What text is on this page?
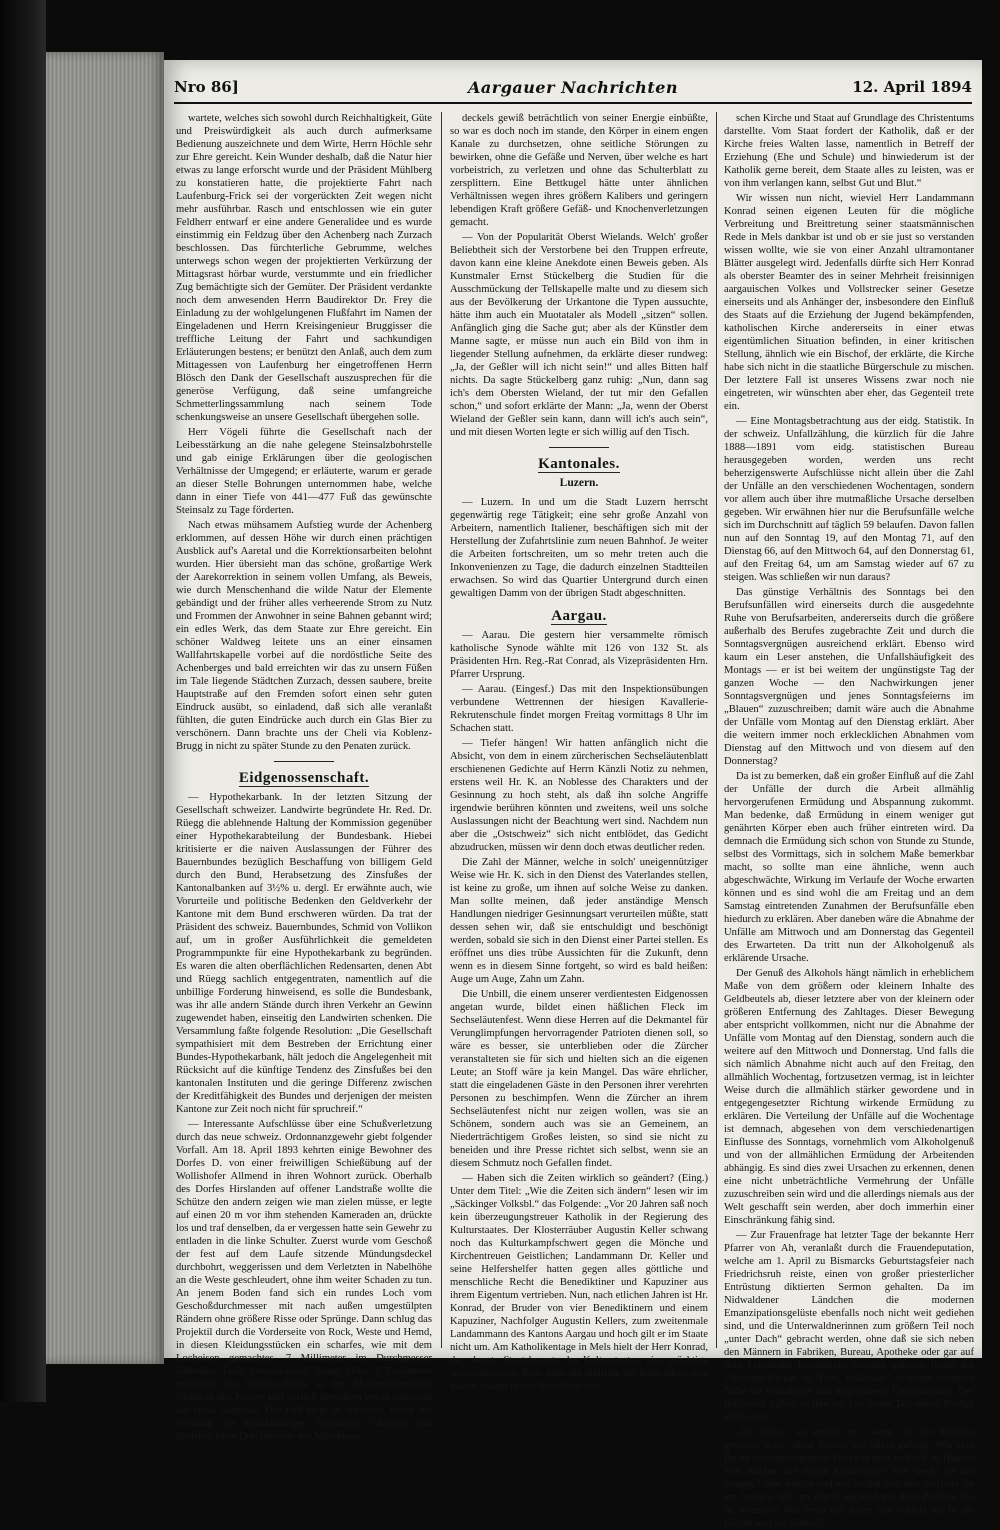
Nro 86]	Aargauer Nachrichten	12. April 1894

wartete, welches sich sowohl durch Reichhaltigkeit, Güte und Preiswürdigkeit als auch durch aufmerksame Bedienung auszeichnete und dem Wirte, Herrn Höchle sehr zur Ehre gereicht. Kein Wunder deshalb, daß die Natur hier etwas zu lange erforscht wurde und der Präsident Mühlberg zu konstatieren hatte, die projektierte Fahrt nach Laufenburg-Frick sei der vorgerückten Zeit wegen nicht mehr ausführbar. Rasch und entschlossen wie ein guter Feldherr entwarf er eine andere Generalidee und es wurde einstimmig ein Feldzug über den Achenberg nach Zurzach beschlossen. Das fürchterliche Gebrumme, welches unterwegs schon wegen der projektierten Verkürzung der Mittagsrast hörbar wurde, verstummte und ein friedlicher Zug bemächtigte sich der Gemüter. Der Präsident verdankte noch dem anwesenden Herrn Baudirektor Dr. Frey die Einladung zu der wohlgelungenen Flußfahrt im Namen der Eingeladenen und Herrn Kreisingenieur Bruggisser die treffliche Leitung der Fahrt und sachkundigen Erläuterungen bestens; er benützt den Anlaß, auch dem zum Mittagessen von Laufenburg her eingetroffenen Herrn Blösch den Dank der Gesellschaft auszusprechen für die generöse Verfügung, daß seine umfangreiche Schmetterlingssammlung nach seinem Tode schenkungsweise an unsere Gesellschaft übergehen solle.

Herr Vögeli führte die Gesellschaft nach der Leibesstärkung an die nahe gelegene Steinsalzbohrstelle und gab einige Erklärungen über die geologischen Verhältnisse der Umgegend; er erläuterte, warum er gerade an dieser Stelle Bohrungen unternommen habe, welche dann in einer Tiefe von 441—477 Fuß das gewünschte Steinsalz zu Tage förderten.

Nach etwas mühsamem Aufstieg wurde der Achenberg erklommen, auf dessen Höhe wir durch einen prächtigen Ausblick auf's Aaretal und die Korrektionsarbeiten belohnt wurden. Hier übersieht man das schöne, großartige Werk der Aarekorrektion in seinem vollen Umfang, als Beweis, wie durch Menschenhand die wilde Natur der Elemente gebändigt und der früher alles verheerende Strom zu Nutz und Frommen der Anwohner in seine Bahnen gebannt wird; ein edles Werk, das dem Staate zur Ehre gereicht. Ein schöner Waldweg leitete uns an einer einsamen Wallfahrtskapelle vorbei auf die nordöstliche Seite des Achenberges und bald erreichten wir das zu unsern Füßen im Tale liegende Städtchen Zurzach, dessen saubere, breite Hauptstraße auf den Fremden sofort einen sehr guten Eindruck ausübt, so einladend, daß sich alle veranlaßt fühlten, die guten Eindrücke auch durch ein Glas Bier zu verschönern. Dann brachte uns der Cheli via Koblenz-Brugg in nicht zu später Stunde zu den Penaten zurück.

Eidgenossenschaft.

— Hypothekarbank. In der letzten Sitzung der Gesellschaft schweizer. Landwirte begründete Hr. Red. Dr. Rüegg die ablehnende Haltung der Kommission gegenüber einer Hypothekarabteilung der Bundesbank. Hiebei kritisierte er die naiven Auslassungen der Führer des Bauernbundes bezüglich Beschaffung von billigem Geld durch den Bund, Herabsetzung des Zinsfußes der Kantonalbanken auf 3½% u. dergl. Er erwähnte auch, wie Vorurteile und politische Bedenken den Geldverkehr der Kantone mit dem Bund erschweren würden. Da trat der Präsident des schweiz. Bauernbundes, Schmid von Vollikon auf, um in großer Ausführlichkeit die gemeldeten Programmpunkte für eine Hypothekarbank zu begründen. Es waren die alten oberflächlichen Redensarten, denen Abt und Rüegg sachlich entgegentraten, namentlich auf die unbillige Forderung hinweisend, es solle die Bundesbank, was ihr alle andern Stände durch ihren Verkehr an Gewinn zugewendet haben, einseitig den Landwirten schenken. Die Versammlung faßte folgende Resolution: „Die Gesellschaft sympathisiert mit dem Bestreben der Errichtung einer Bundes-Hypothekarbank, hält jedoch die Angelegenheit mit Rücksicht auf die künftige Tendenz des Zinsfußes bei den kantonalen Instituten und die geringe Differenz zwischen der Kreditfähigkeit des Bundes und derjenigen der meisten Kantone zur Zeit noch nicht für spruchreif.“

— Interessante Aufschlüsse über eine Schußverletzung durch das neue schweiz. Ordonnanzgewehr giebt folgender Vorfall. Am 18. April 1893 kehrten einige Bewohner des Dorfes D. von einer freiwilligen Schießübung auf der Wollishofer Allmend in ihren Wohnort zurück. Oberhalb des Dorfes Hirslanden auf offener Landstraße wollte die Schütze den andern zeigen wie man zielen müsse, er legte auf einen 20 m vor ihm stehenden Kameraden an, drückte los und traf denselben, da er vergessen hatte sein Gewehr zu entladen in die linke Schulter. Zuerst wurde vom Geschoß der fest auf dem Laufe sitzende Mündungsdeckel durchbohrt, weggerissen und dem Verletzten in Nabelhöhe an die Weste geschleudert, ohne ihm weiter Schaden zu tun. An jenem Boden fand sich ein rundes Loch vom Geschoßdurchmesser mit nach außen umgestülpten Rändern ohne größere Risse oder Sprünge. Dann schlug das Projektil durch die Vorderseite von Rock, Weste und Hemd, in diesen Kleidungsstücken ein scharfes, wie mit dem Locheisen gemachtes, 7 Millimeter im Durchmesser haltendes Loch verursachend, drang zirka 3 Zentimeter unterhalb des Schlüsselbeins in der Mohrenheimschen Grube in den Körper und verließ denselben etwas unterhalb der spina scapulae. Der Fall zeigt in typischer Weise die Wirkung der kleinkalibrigen Geschosse. Obschon das Projektil beim Durchbohren des Mündungs-

deckels gewiß beträchtlich von seiner Energie einbüßte, so war es doch noch im stande, den Körper in einem engen Kanale zu durchsetzen, ohne seitliche Störungen zu bewirken, ohne die Gefäße und Nerven, über welche es hart vorbeistrich, zu verletzen und ohne das Schulterblatt zu zersplittern. Eine Bettkugel hätte unter ähnlichen Verhältnissen wegen ihres größern Kalibers und geringern lebendigen Kraft größere Gefäß- und Knochenverletzungen gemacht.

— Von der Popularität Oberst Wielands. Welch' großer Beliebtheit sich der Verstorbene bei den Truppen erfreute, davon kann eine kleine Anekdote einen Beweis geben. Als Kunstmaler Ernst Stückelberg die Studien für die Ausschmückung der Tellskapelle malte und zu diesem sich aus der Bevölkerung der Urkantone die Typen aussuchte, hätte ihm auch ein Muotataler als Modell „sitzen“ sollen. Anfänglich ging die Sache gut; aber als der Künstler dem Manne sagte, er müsse nun auch ein Bild von ihm in liegender Stellung aufnehmen, da erklärte dieser rundweg: „Ja, der Geßler will ich nicht sein!“ und alles Bitten half nichts. Da sagte Stückelberg ganz ruhig: „Nun, dann sag ich's dem Obersten Wieland, der tut mir den Gefallen schon,“ und sofort erklärte der Mann: „Ja, wenn der Oberst Wieland der Geßler sein kann, dann will ich's auch sein“, und mit diesen Worten legte er sich willig auf den Tisch.

Kantonales.
Luzern.

— Luzern. In und um die Stadt Luzern herrscht gegenwärtig rege Tätigkeit; eine sehr große Anzahl von Arbeitern, namentlich Italiener, beschäftigen sich mit der Herstellung der Zufahrtslinie zum neuen Bahnhof. Je weiter die Arbeiten fortschreiten, um so mehr treten auch die Inkonvenienzen zu Tage, die dadurch einzelnen Stadtteilen erwachsen. So wird das Quartier Untergrund durch einen gewaltigen Damm von der übrigen Stadt abgeschnitten.

Aargau.

— Aarau. Die gestern hier versammelte römisch katholische Synode wählte mit 126 von 132 St. als Präsidenten Hrn. Reg.-Rat Conrad, als Vizepräsidenten Hrn. Pfarrer Ursprung.

— Aarau. (Eingesf.) Das mit den Inspektionsübungen verbundene Wettrennen der hiesigen Kavallerie-Rekrutenschule findet morgen Freitag vormittags 8 Uhr im Schachen statt.

— Tiefer hängen! Wir hatten anfänglich nicht die Absicht, von dem in einem zürcherischen Sechseläutenblatt erschienenen Gedichte auf Herrn Känzli Notiz zu nehmen, erstens weil Hr. K. an Noblesse des Charakters und der Gesinnung zu hoch steht, als daß ihn solche Angriffe irgendwie berühren könnten und zweitens, weil uns solche Auslassungen nicht der Beachtung wert sind. Nachdem nun aber die „Ostschweiz“ sich nicht entblödet, das Gedicht abzudrucken, müssen wir denn doch etwas deutlicher reden.

Die Zahl der Männer, welche in solch' uneigennütziger Weise wie Hr. K. sich in den Dienst des Vaterlandes stellen, ist keine zu große, um ihnen auf solche Weise zu danken. Man sollte meinen, daß jeder anständige Mensch Handlungen niedriger Gesinnungsart verurteilen müßte, statt dessen sehen wir, daß sie entschuldigt und beschönigt werden, sobald sie sich in den Dienst einer Partei stellen. Es eröffnet uns dies trübe Aussichten für die Zukunft, denn wenn es in diesem Sinne fortgeht, so wird es bald heißen: Auge um Auge, Zahn um Zahn.

Die Unbill, die einem unserer verdientesten Eidgenossen angetan wurde, bildet einen häßlichen Fleck im Sechseläutenfest. Wenn diese Herren auf die Dekmantel für Verunglimpfungen hervorragender Patrioten dienen soll, so wäre es besser, sie unterblieben oder die Zürcher veranstalteten sie für sich und hielten sich an die eigenen Leute; an Stoff wäre ja kein Mangel. Das wäre ehrlicher, statt die eingeladenen Gäste in den Personen ihrer verehrten Personen zu beschimpfen. Wenn die Zürcher an ihrem Sechseläutenfest nicht nur zeigen wollen, was sie an Schönem, sondern auch was sie an Gemeinem, an Niederträchtigem Großes leisten, so sind sie nicht zu beneiden und ihre Presse richtet sich selbst, wenn sie an diesem Schmutz noch Gefallen findet.

— Haben sich die Zeiten wirklich so geändert? (Eing.) Unter dem Titel: „Wie die Zeiten sich ändern“ lesen wir im „Säckinger Volksbl.“ das Folgende: „Vor 20 Jahren saß noch kein überzeugungstreuer Katholik in der Regierung des Kulturstaates. Der Klosterräuber Augustin Keller schwang noch das Kulturkampfschwert gegen die Mönche und Kirchentreuen Geistlichen; Landammann Dr. Keller und seine Helfershelfer hatten gegen alles göttliche und menschliche Recht die Benediktiner und Kapuziner aus ihrem Eigentum vertrieben. Nun, nach etlichen Jahren ist Hr. Konrad, der Bruder von vier Benediktinern und einem Kapuziner, Nachfolger Augustin Kellers, zum zweitenmale Landammann des Kantons Aargau und hoch gilt er im Staate nicht um. Am Katholikentage in Mels hielt der Herr Konrad, der oberste Staatsbeamte des Kulturstaates, eine prächtige staatsmännische Rede über die Stellung der Katholiken zum Staate, indem er das Verhältnis zwi-

schen Kirche und Staat auf Grundlage des Christentums darstellte. Vom Staat fordert der Katholik, daß er der Kirche freies Walten lasse, namentlich in Betreff der Erziehung (Ehe und Schule) und hinwiederum ist der Katholik gerne bereit, dem Staate alles zu leisten, was er von ihm verlangen kann, selbst Gut und Blut.“

Wir wissen nun nicht, wieviel Herr Landammann Konrad seinen eigenen Leuten für die mögliche Verbreitung und Breittretung seiner staatsmännischen Rede in Mels dankbar ist und ob er sie just so verstanden wissen wollte, wie sie von einer Anzahl ultramontaner Blätter ausgelegt wird. Jedenfalls dürfte sich Herr Konrad als oberster Beamter des in seiner Mehrheit freisinnigen aargauischen Volkes und Vollstrecker seiner Gesetze einerseits und als Anhänger der, insbesondere den Einfluß des Staats auf die Erziehung der Jugend bekämpfenden, katholischen Kirche andererseits in einer etwas eigentümlichen Situation befinden, in einer kritischen Stellung, ähnlich wie ein Bischof, der erklärte, die Kirche habe sich nicht in die staatliche Bürgerschule zu mischen. Der letztere Fall ist unseres Wissens zwar noch nie eingetreten, wir wünschten aber eher, das Gegenteil trete ein.

— Eine Montagsbetrachtung aus der eidg. Statistik. In der schweiz. Unfallzählung, die kürzlich für die Jahre 1888—1891 vom eidg. statistischen Bureau herausgegeben worden, werden uns recht beherzigenswerte Aufschlüsse nicht allein über die Zahl der Unfälle an den verschiedenen Wochentagen, sondern vor allem auch über ihre mutmaßliche Ursache derselben gegeben. Wir erwähnen hier nur die Berufsunfälle welche sich im Durchschnitt auf täglich 59 belaufen. Davon fallen nun auf den Sonntag 19, auf den Montag 71, auf den Dienstag 66, auf den Mittwoch 64, auf den Donnerstag 61, auf den Freitag 64, um am Samstag wieder auf 67 zu steigen. Was schließen wir nun daraus?

Das günstige Verhältnis des Sonntags bei den Berufsunfällen wird einerseits durch die ausgedehnte Ruhe von Berufsarbeiten, andererseits durch die größere außerhalb des Berufes zugebrachte Zeit und durch die Sonntagsvergnügen ausreichend erklärt. Ebenso wird kaum ein Leser anstehen, die Unfallshäufigkeit des Montags — er ist bei weitem der ungünstigste Tag der ganzen Woche — den Nachwirkungen jener Sonntagsvergnügen und jenes Sonntagsfeierns im „Blauen“ zuzuschreiben; damit wäre auch die Abnahme der Unfälle vom Montag auf den Dienstag erklärt. Aber die weitern immer noch erklecklichen Abnahmen vom Dienstag auf den Mittwoch und von diesem auf den Donnerstag?

Da ist zu bemerken, daß ein großer Einfluß auf die Zahl der Unfälle der durch die Arbeit allmählig hervorgerufenen Ermüdung und Abspannung zukommt. Man bedenke, daß Ermüdung in einem weniger gut genährten Körper eben auch früher eintreten wird. Da demnach die Ermüdung sich schon von Stunde zu Stunde, selbst des Vormittags, sich in solchem Maße bemerkbar macht, so sollte man eine ähnliche, wenn auch abgeschwächte, Wirkung im Verlaufe der Woche erwarten können und es sind wohl die am Freitag und an dem Samstag eintretenden Zunahmen der Berufsunfälle eben hiedurch zu erklären. Aber daneben wäre die Abnahme der Unfälle am Mittwoch und am Donnerstag das Gegenteil des Erwarteten. Da tritt nun der Alkoholgenuß als erklärende Ursache.

Der Genuß des Alkohols hängt nämlich in erheblichem Maße von dem größern oder kleinern Inhalte des Geldbeutels ab, dieser letztere aber von der kleinern oder größeren Entfernung des Zahltages. Dieser Bewegung aber entspricht vollkommen, nicht nur die Abnahme der Unfälle vom Montag auf den Dienstag, sondern auch die weitere auf den Mittwoch und Donnerstag. Und falls die sich nämlich Abnahme nicht auch auf den Freitag, den allmählich Wochentag, fortzusetzen vermag, ist in leichter Weise durch die allmählich stärker gewordene und in entgegengesetzter Richtung wirkende Ermüdung zu erklären. Die Verteilung der Unfälle auf die Wochentage ist demnach, abgesehen von dem verschiedenartigen Einflusse des Sonntags, vornehmlich vom Alkoholgenuß und von der allmählichen Ermüdung der Arbeitenden abhängig. Es sind dies zwei Ursachen zu erkennen, denen eine nicht unbeträchtliche Vermehrung der Unfälle zuzuschreiben sein wird und die allerdings niemals aus der Welt geschafft sein werden, aber doch immerhin einer Einschränkung fähig sind.

— Zur Frauenfrage hat letzter Tage der bekannte Herr Pfarrer von Ah, veranlaßt durch die Frauendeputation, welche am 1. April zu Bismarcks Geburtstagsfeier nach Friedrichsruh reiste, einen von großer priesterlicher Entrüstung diktierten Sermon gehalten. Da im Nidwaldener Ländchen die modernen Emanzipationsgelüste ebenfalls noch nicht weit gediehen sind, und die Unterwaldnerinnen zum größern Teil noch „unter Dach“ gebracht werden, ohne daß sie sich neben den Männern in Fabriken, Bureau, Apotheke oder gar auf dem Lehrstuhle Konkurrenz machen müssen, findet der „Weltüberblicker im Nidw. Volksblatt“ in seiner nächsten Nähe die lebhafteste und ungeteilteste Unterstützung. Der Kuriosität halber wollen wir hier einen Teil seiner Predigt abdrucken.

„Ich hätte,“ so spricht er, „wenn ich der Kanzler gewesen wäre, diese Frauen vor allem gefragt: Wie seid Ihr da hereingekommen? Und wie geht es Euch zu Hause? Was machen die lieben Kinderleins? Wer weckt sie am morgen? Wer wäscht und wer strählt sie? Wer zeichnet sie am morgen und am abend segnend mit dem Zeichen des hl. Kreuzes? Wer betet mit ihnen und schickt sie in die Kirche und die Schule?
